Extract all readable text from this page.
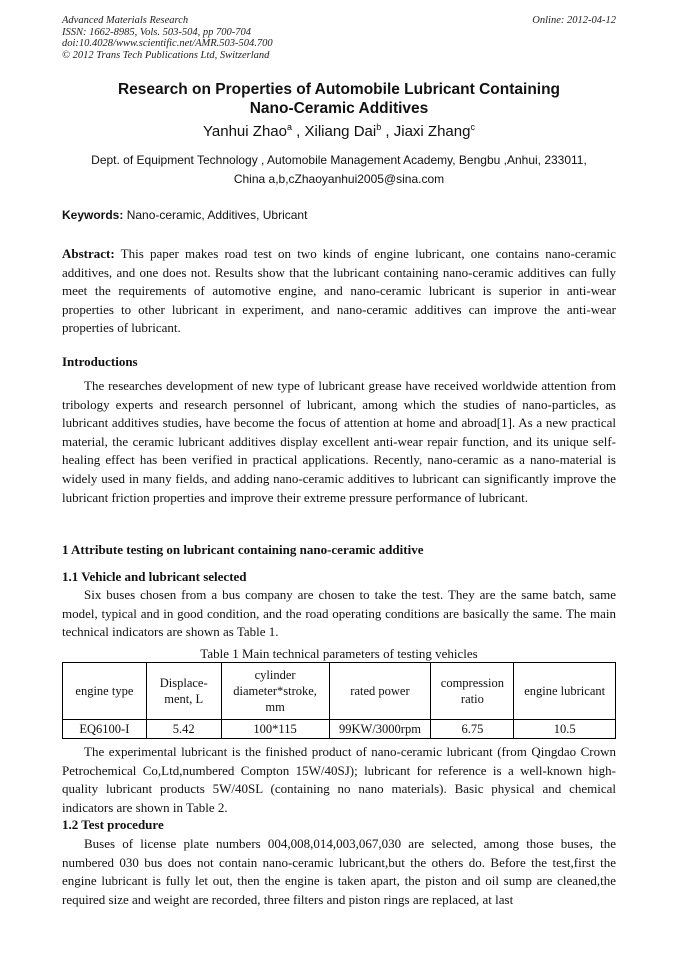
Advanced Materials Research
ISSN: 1662-8985, Vols. 503-504, pp 700-704
doi:10.4028/www.scientific.net/AMR.503-504.700
© 2012 Trans Tech Publications Ltd, Switzerland
Online: 2012-04-12
Research on Properties of Automobile Lubricant Containing
Nano-Ceramic Additives
Yanhui Zhao$^a$ , Xiliang Dai$^b$ , Jiaxi Zhang$^c$
Dept. of Equipment Technology , Automobile Management Academy, Bengbu ,Anhui, 233011,
China a,b,cZhaoyanhui2005@sina.com
Keywords: Nano-ceramic, Additives, Ubricant
Abstract: This paper makes road test on two kinds of engine lubricant, one contains nano-ceramic additives, and one does not. Results show that the lubricant containing nano-ceramic additives can fully meet the requirements of automotive engine, and nano-ceramic lubricant is superior in anti-wear properties to other lubricant in experiment, and nano-ceramic additives can improve the anti-wear properties of lubricant.
Introductions

The researches development of new type of lubricant grease have received worldwide attention from tribology experts and research personnel of lubricant, among which the studies of nano-particles, as lubricant additives studies, have become the focus of attention at home and abroad[1]. As a new practical material, the ceramic lubricant additives display excellent anti-wear repair function, and its unique self-healing effect has been verified in practical applications. Recently, nano-ceramic as a nano-material is widely used in many fields, and adding nano-ceramic additives to lubricant can significantly improve the lubricant friction properties and improve their extreme pressure performance of lubricant.

1 Attribute testing on lubricant containing nano-ceramic additive
1.1 Vehicle and lubricant selected

Six buses chosen from a bus company are chosen to take the test. They are the same batch, same model, typical and in good condition, and the road operating conditions are basically the same. The main technical indicators are shown as Table 1.

Table 1 Main technical parameters of testing vehicles
engine type	Displace-ment, L	cylinder diameter*stroke, mm	rated power	compression ratio	engine lubricant
EQ6100-I	5.42	100*115	99KW/3000rpm	6.75	10.5

The experimental lubricant is the finished product of nano-ceramic lubricant (from Qingdao Crown Petrochemical Co,Ltd,numbered Compton 15W/40SJ); lubricant for reference is a well-known high-quality lubricant products 5W/40SL (containing no nano materials). Basic physical and chemical indicators are shown in Table 2.

1.2 Test procedure

Buses of license plate numbers 004,008,014,003,067,030 are selected, among those buses, the numbered 030 bus does not contain nano-ceramic lubricant,but the others do. Before the test,first the engine lubricant is fully let out, then the engine is taken apart, the piston and oil sump are cleaned,the required size and weight are recorded, three filters and piston rings are replaced, at last
